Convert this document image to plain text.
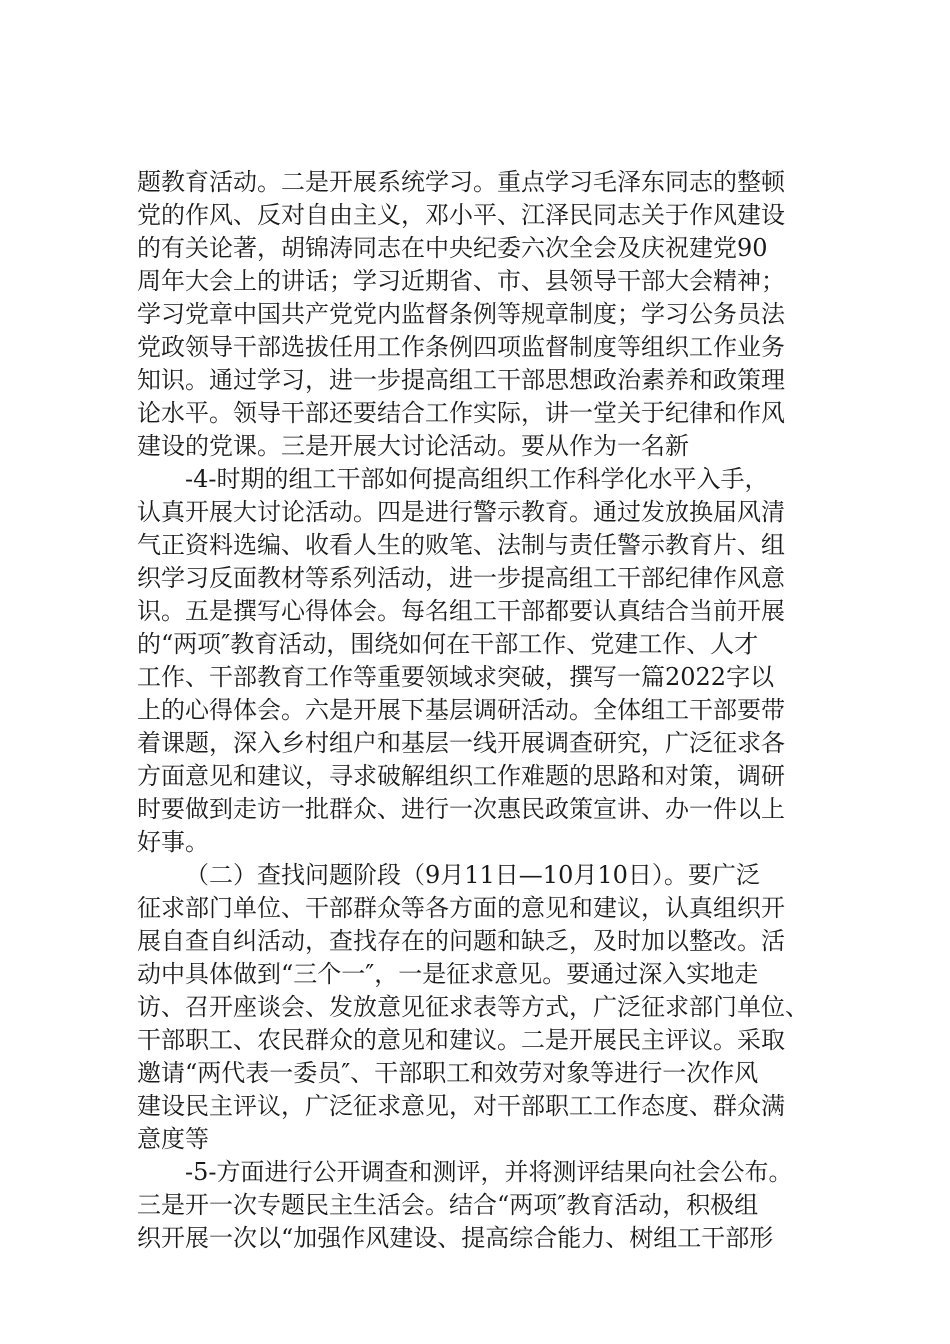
题教育活动。二是开展系统学习。重点学习毛泽东同志的整顿
党的作风、反对自由主义，邓小平、江泽民同志关于作风建设
的有关论著，胡锦涛同志在中央纪委六次全会及庆祝建党90
周年大会上的讲话；学习近期省、市、县领导干部大会精神；
学习党章中国共产党党内监督条例等规章制度；学习公务员法
党政领导干部选拔任用工作条例四项监督制度等组织工作业务
知识。通过学习，进一步提高组工干部思想政治素养和政策理
论水平。领导干部还要结合工作实际，讲一堂关于纪律和作风
建设的党课。三是开展大讨论活动。要从作为一名新
-4-时期的组工干部如何提高组织工作科学化水平入手，
认真开展大讨论活动。四是进行警示教育。通过发放换届风清
气正资料选编、收看人生的败笔、法制与责任警示教育片、组
织学习反面教材等系列活动，进一步提高组工干部纪律作风意
识。五是撰写心得体会。每名组工干部都要认真结合当前开展
的“两项″教育活动，围绕如何在干部工作、党建工作、人才
工作、干部教育工作等重要领域求突破，撰写一篇2022字以
上的心得体会。六是开展下基层调研活动。全体组工干部要带
着课题，深入乡村组户和基层一线开展调查研究，广泛征求各
方面意见和建议，寻求破解组织工作难题的思路和对策，调研
时要做到走访一批群众、进行一次惠民政策宣讲、办一件以上
好事。
（二）查找问题阶段（9月11日—10月10日）。要广泛
征求部门单位、干部群众等各方面的意见和建议，认真组织开
展自查自纠活动，查找存在的问题和缺乏，及时加以整改。活
动中具体做到“三个一″，一是征求意见。要通过深入实地走
访、召开座谈会、发放意见征求表等方式，广泛征求部门单位、
干部职工、农民群众的意见和建议。二是开展民主评议。采取
邀请“两代表一委员″、干部职工和效劳对象等进行一次作风
建设民主评议，广泛征求意见，对干部职工工作态度、群众满
意度等
-5-方面进行公开调查和测评，并将测评结果向社会公布。
三是开一次专题民主生活会。结合“两项″教育活动，积极组
织开展一次以“加强作风建设、提高综合能力、树组工干部形
